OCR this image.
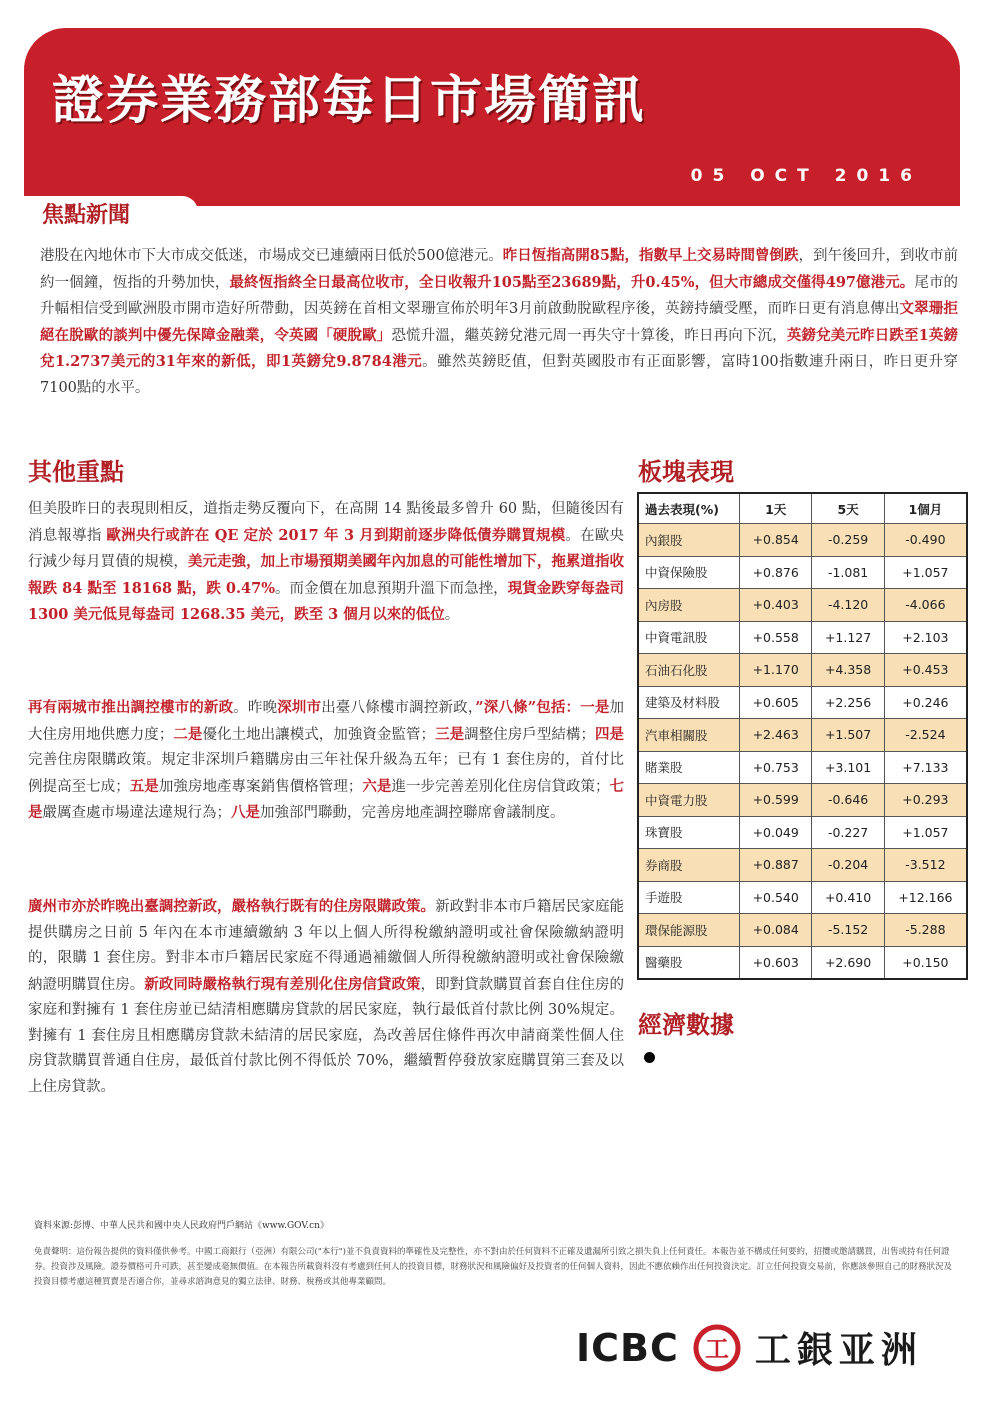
證券業務部每日市場簡訊
05 OCT 2016
焦點新聞
港股在內地休市下大市成交低迷，市場成交已連續兩日低於500億港元。昨日恆指高開85點，指數早上交易時間曾倒跌，到午後回升，到收市前約一個鐘，恆指的升勢加快，最終恆指終全日最高位收市，全日收報升105點至23689點，升0.45%，但大市總成交僅得497億港元。尾市的升幅相信受到歐洲股市開市造好所帶動，因英鎊在首相文翠珊宣佈於明年3月前啟動脫歐程序後，英鎊持續受壓，而昨日更有消息傳出文翠珊拒絕在脫歐的談判中優先保障金融業，令英國「硬脫歐」恐慌升溫，繼英鎊兌港元周一再失守十算後，昨日再向下沉，英鎊兌美元昨日跌至1英鎊兌1.2737美元的31年來的新低，即1英鎊兌9.8784港元。雖然英鎊貶值，但對英國股市有正面影響，富時100指數連升兩日，昨日更升穿7100點的水平。
其他重點
但美股昨日的表現則相反，道指走勢反覆向下，在高開 14 點後最多曾升 60 點，但隨後因有消息報導指 歐洲央行或許在 QE 定於 2017 年 3 月到期前逐步降低債券購買規模。在歐央行減少每月買債的規模，美元走強，加上市場預期美國年內加息的可能性增加下，拖累道指收報跌 84 點至 18168 點，跌 0.47%。而金價在加息預期升溫下而急挫，現貨金跌穿每盎司 1300 美元低見每盎司 1268.35 美元，跌至 3 個月以來的低位。
再有兩城市推出調控樓市的新政。昨晚深圳市出臺八條樓市調控新政，”深八條”包括：一是加大住房用地供應力度；二是優化土地出讓模式，加強資金監管；三是調整住房戶型結構；四是完善住房限購政策。規定非深圳戶籍購房由三年社保升級為五年；已有 1 套住房的，首付比例提高至七成；五是加強房地產專案銷售價格管理；六是進一步完善差別化住房信貸政策；七是嚴厲查處市場違法違規行為；八是加強部門聯動，完善房地產調控聯席會議制度。
廣州市亦於昨晚出臺調控新政，嚴格執行既有的住房限購政策。新政對非本市戶籍居民家庭能提供購房之日前 5 年內在本市連續繳納 3 年以上個人所得稅繳納證明或社會保險繳納證明的，限購 1 套住房。對非本市戶籍居民家庭不得通過補繳個人所得稅繳納證明或社會保險繳納證明購買住房。新政同時嚴格執行現有差別化住房信貸政策，即對貸款購買首套自住住房的家庭和對擁有 1 套住房並已結清相應購房貸款的居民家庭，執行最低首付款比例 30%規定。對擁有 1 套住房且相應購房貸款未結清的居民家庭，為改善居住條件再次申請商業性個人住房貸款購買普通自住房，最低首付款比例不得低於 70%，繼續暫停發放家庭購買第三套及以上住房貸款。
板塊表現
過去表現(%)	1天	5天	1個月
內銀股	+0.854	-0.259	-0.490
中資保險股	+0.876	-1.081	+1.057
內房股	+0.403	-4.120	-4.066
中資電訊股	+0.558	+1.127	+2.103
石油石化股	+1.170	+4.358	+0.453
建築及材料股	+0.605	+2.256	+0.246
汽車相關股	+2.463	+1.507	-2.524
賭業股	+0.753	+3.101	+7.133
中資電力股	+0.599	-0.646	+0.293
珠寶股	+0.049	-0.227	+1.057
券商股	+0.887	-0.204	-3.512
手遊股	+0.540	+0.410	+12.166
環保能源股	+0.084	-5.152	-5.288
醫藥股	+0.603	+2.690	+0.150
經濟數據
資料來源:彭博、中華人民共和國中央人民政府門戶網站《www.GOV.cn》
免責聲明：這份報告提供的資料僅供參考。中國工商銀行（亞洲）有限公司("本行")並不負責資料的準確性及完整性，亦不對由於任何資料不正確及遺漏所引致之損失負上任何責任。本報告並不構成任何要約，招攬或邀請購買，出售或持有任何證券。投資涉及風險。證券價格可升可跌，甚至變成毫無價值。在本報告所載資料沒有考慮到任何人的投資目標，財務狀況和風險偏好及投資者的任何個人資料，因此不應依賴作出任何投資決定。訂立任何投資交易前，你應該參照自己的財務狀況及投資目標考慮這種買賣是否適合你，並尋求諮詢意見的獨立法律、財務、稅務或其他專業顧問。
ICBC 工 工銀亚洲
